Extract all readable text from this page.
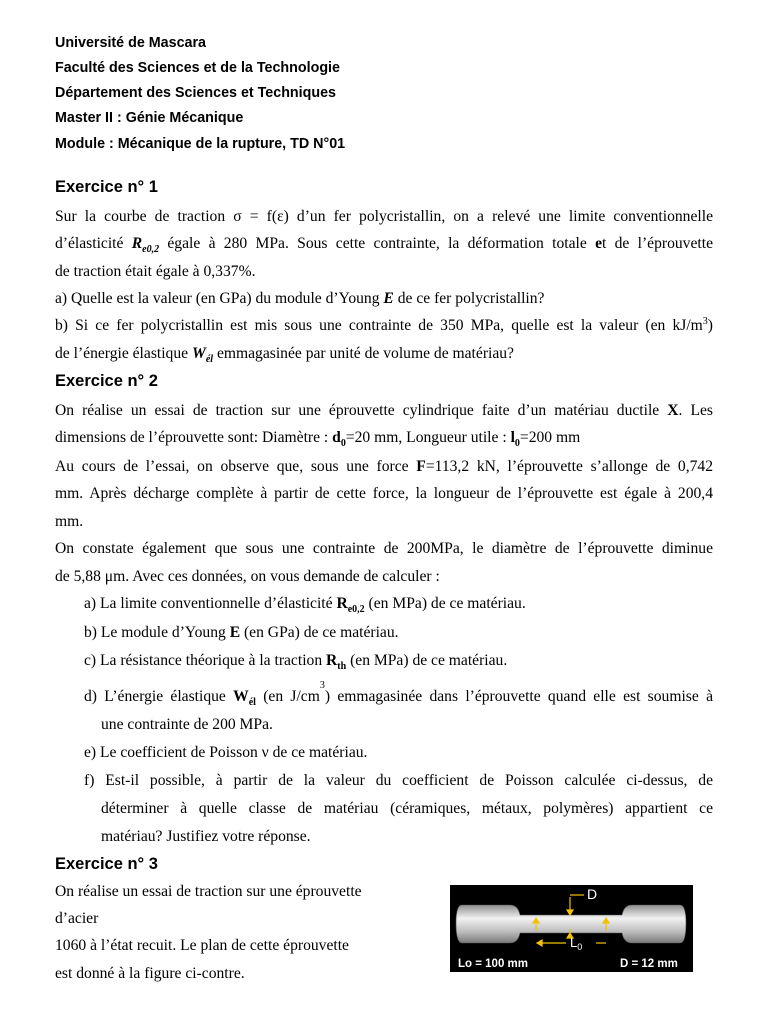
Université de Mascara
Faculté des Sciences et de la Technologie
Département des Sciences et Techniques
Master II : Génie Mécanique
Module : Mécanique de la rupture, TD N°01
Exercice n° 1
Sur la courbe de traction σ = f(ε) d’un fer polycristallin, on a relevé une limite conventionnelle
d’élasticité $R_{e0,2}$ égale à 280 MPa. Sous cette contrainte, la déformation totale et de l’éprouvette
de traction était égale à 0,337%.
a) Quelle est la valeur (en GPa) du module d’Young E de ce fer polycristallin?
b) Si ce fer polycristallin est mis sous une contrainte de 350 MPa, quelle est la valeur (en $kJ/m^3$)
de l’énergie élastique $W_{él}$ emmagasinée par unité de volume de matériau?
Exercice n° 2
On réalise un essai de traction sur une éprouvette cylindrique faite d’un matériau ductile X. Les
dimensions de l’éprouvette sont: Diamètre : $d_0=20$ mm, Longueur utile : $l_0=200$ mm
Au cours de l’essai, on observe que, sous une force F=113,2 kN, l’éprouvette s’allonge de 0,742
mm. Après décharge complète à partir de cette force, la longueur de l’éprouvette est égale à 200,4
mm.
On constate également que sous une contrainte de 200MPa, le diamètre de l’éprouvette diminue
de 5,88 μm. Avec ces données, on vous demande de calculer :
a) La limite conventionnelle d’élasticité $R_{e0,2}$ (en MPa) de ce matériau.
b) Le module d’Young E (en GPa) de ce matériau.
c) La résistance théorique à la traction $R_{th}$ (en MPa) de ce matériau.
d) L’énergie élastique $W_{él}$ (en $J/cm^3$) emmagasinée dans l’éprouvette quand elle est soumise à
une contrainte de 200 MPa.
e) Le coefficient de Poisson ν de ce matériau.
f) Est-il possible, à partir de la valeur du coefficient de Poisson calculée ci-dessus, de
déterminer à quelle classe de matériau (céramiques, métaux, polymères) appartient ce
matériau? Justifiez votre réponse.
Exercice n° 3
On réalise un essai de traction sur une éprouvette
d’acier
1060 à l’état recuit. Le plan de cette éprouvette
est donné à la figure ci-contre.
D
$L_0$
Lo = 100 mm	D = 12 mm
